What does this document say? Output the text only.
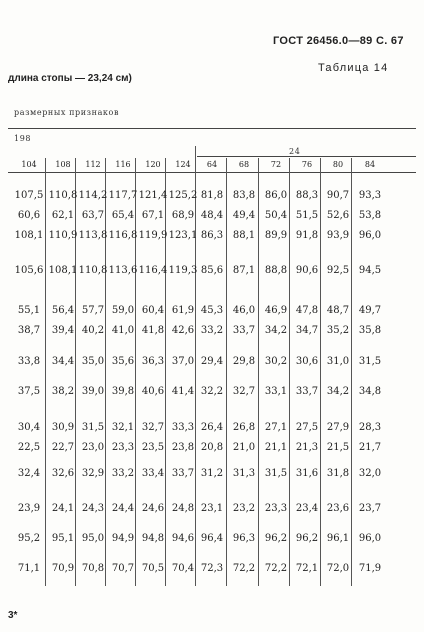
ГОСТ 26456.0—89 С. 67
длина стопы — 23,24 см)
Таблица 14
размерных признаков
198
24
104	108	112	116	120	124	64	68	72	76	80	84
107,5 110,8 114,2 117,7 121,4 125,2 81,8 83,8 86,0 88,3 90,7 93,3
60,6	62,1 63,7 65,4 67,1 68,9 48,4 49,4 50,4 51,5 52,6 53,8
108,1 110,9 113,8 116,8 119,9 123,1 86,3 88,1 89,9 91,8 93,9 96,0
105,6 108,1 110,8 113,6 116,4 119,3 85,6 87,1 88,8 90,6 92,5 94,5
55,1	56,4 57,7 59,0 60,4 61,9 45,3 46,0 46,9 47,8 48,7 49,7
38,7	39,4 40,2 41,0 41,8 42,6 33,2 33,7 34,2 34,7 35,2 35,8
33,8	34,4 35,0 35,6 36,3 37,0 29,4 29,8 30,2 30,6 31,0 31,5
37,5	38,2 39,0 39,8 40,6 41,4 32,2 32,7 33,1 33,7 34,2 34,8
30,4	30,9 31,5 32,1 32,7 33,3 26,4 26,8 27,1 27,5 27,9 28,3
22,5	22,7 23,0 23,3 23,5 23,8 20,8 21,0 21,1 21,3 21,5 21,7
32,4	32,6 32,9 33,2 33,4 33,7 31,2 31,3 31,5 31,6 31,8 32,0
23,9	24,1 24,3 24,4 24,6 24,8 23,1 23,2 23,3 23,4 23,6 23,7
95,2	95,1 95,0 94,9 94,8 94,6 96,4 96,3 96,2 96,2 96,1 96,0
71,1	70,9 70,8 70,7 70,5 70,4 72,3 72,2 72,2 72,1 72,0 71,9
3*
